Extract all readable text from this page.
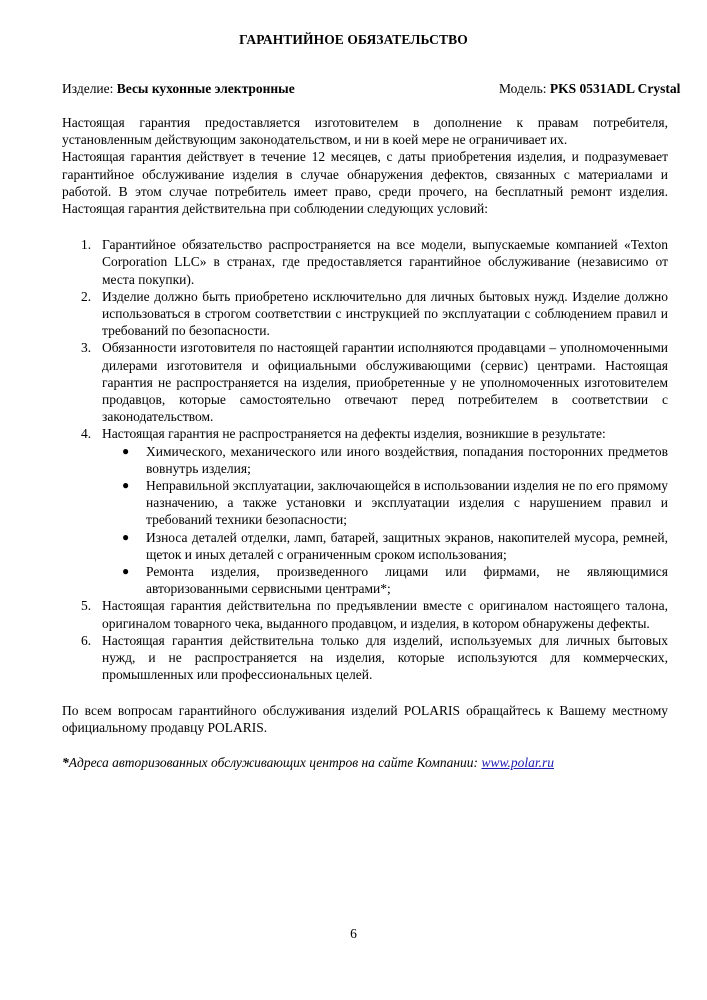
ГАРАНТИЙНОЕ ОБЯЗАТЕЛЬСТВО
Изделие: Весы кухонные электронные	Модель: PKS 0531ADL Crystal

Настоящая гарантия предоставляется изготовителем в дополнение к правам потребителя, установленным действующим законодательством, и ни в коей мере не ограничивает их.

Настоящая гарантия действует в течение 12 месяцев, с даты приобретения изделия, и подразумевает гарантийное обслуживание изделия в случае обнаружения дефектов, связанных с материалами и работой. В этом случае потребитель имеет право, среди прочего, на бесплатный ремонт изделия. Настоящая гарантия действительна при соблюдении следующих условий:

1. Гарантийное обязательство распространяется на все модели, выпускаемые компанией «Texton Corporation LLC» в странах, где предоставляется гарантийное обслуживание (независимо от места покупки).
2. Изделие должно быть приобретено исключительно для личных бытовых нужд. Изделие должно использоваться в строгом соответствии с инструкцией по эксплуатации с соблюдением правил и требований по безопасности.
3. Обязанности изготовителя по настоящей гарантии исполняются продавцами – уполномоченными дилерами изготовителя и официальными обслуживающими (сервис) центрами. Настоящая гарантия не распространяется на изделия, приобретенные у не уполномоченных изготовителем продавцов, которые самостоятельно отвечают перед потребителем в соответствии с законодательством.
4. Настоящая гарантия не распространяется на дефекты изделия, возникшие в результате:
● Химического, механического или иного воздействия, попадания посторонних предметов вовнутрь изделия;
● Неправильной эксплуатации, заключающейся в использовании изделия не по его прямому назначению, а также установки и эксплуатации изделия с нарушением правил и требований техники безопасности;
● Износа деталей отделки, ламп, батарей, защитных экранов, накопителей мусора, ремней, щеток и иных деталей с ограниченным сроком использования;
● Ремонта изделия, произведенного лицами или фирмами, не являющимися авторизованными сервисными центрами*;
5. Настоящая гарантия действительна по предъявлении вместе с оригиналом настоящего талона, оригиналом товарного чека, выданного продавцом, и изделия, в котором обнаружены дефекты.
6. Настоящая гарантия действительна только для изделий, используемых для личных бытовых нужд, и не распространяется на изделия, которые используются для коммерческих, промышленных или профессиональных целей.

По всем вопросам гарантийного обслуживания изделий POLARIS обращайтесь к Вашему местному официальному продавцу POLARIS.

*Адреса авторизованных обслуживающих центров на сайте Компании: www.polar.ru

6
